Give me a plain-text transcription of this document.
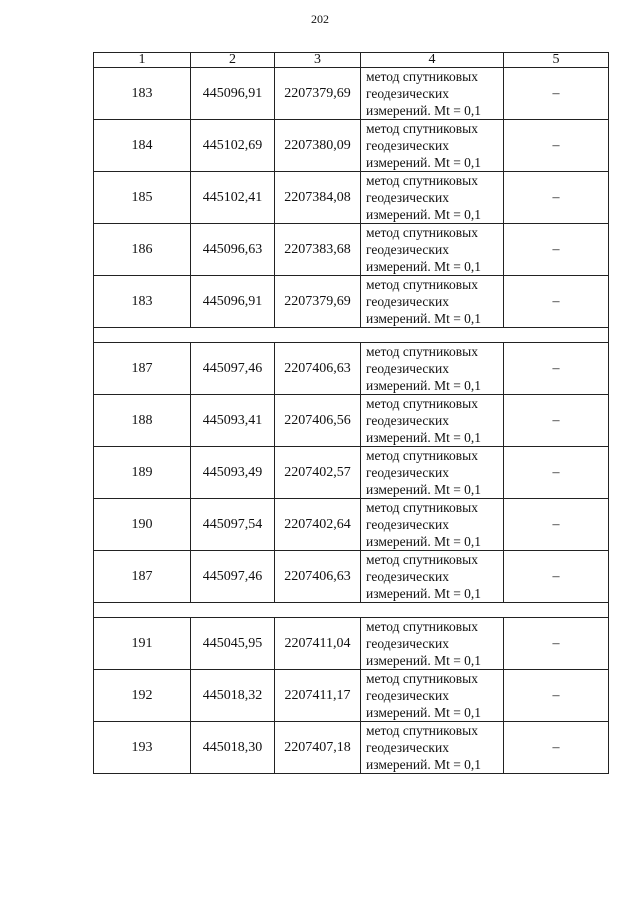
202
1	2	3	4	5
183	445096,91	2207379,69	метод спутниковых
геодезических
измерений. Mt = 0,1	–
184	445102,69	2207380,09	метод спутниковых
геодезических
измерений. Mt = 0,1	–
185	445102,41	2207384,08	метод спутниковых
геодезических
измерений. Mt = 0,1	–
186	445096,63	2207383,68	метод спутниковых
геодезических
измерений. Mt = 0,1	–
183	445096,91	2207379,69	метод спутниковых
геодезических
измерений. Mt = 0,1	–

187	445097,46	2207406,63	метод спутниковых
геодезических
измерений. Mt = 0,1	–
188	445093,41	2207406,56	метод спутниковых
геодезических
измерений. Mt = 0,1	–
189	445093,49	2207402,57	метод спутниковых
геодезических
измерений. Mt = 0,1	–
190	445097,54	2207402,64	метод спутниковых
геодезических
измерений. Mt = 0,1	–
187	445097,46	2207406,63	метод спутниковых
геодезических
измерений. Mt = 0,1	–

191	445045,95	2207411,04	метод спутниковых
геодезических
измерений. Mt = 0,1	–
192	445018,32	2207411,17	метод спутниковых
геодезических
измерений. Mt = 0,1	–
193	445018,30	2207407,18	метод спутниковых
геодезических
измерений. Mt = 0,1	–
